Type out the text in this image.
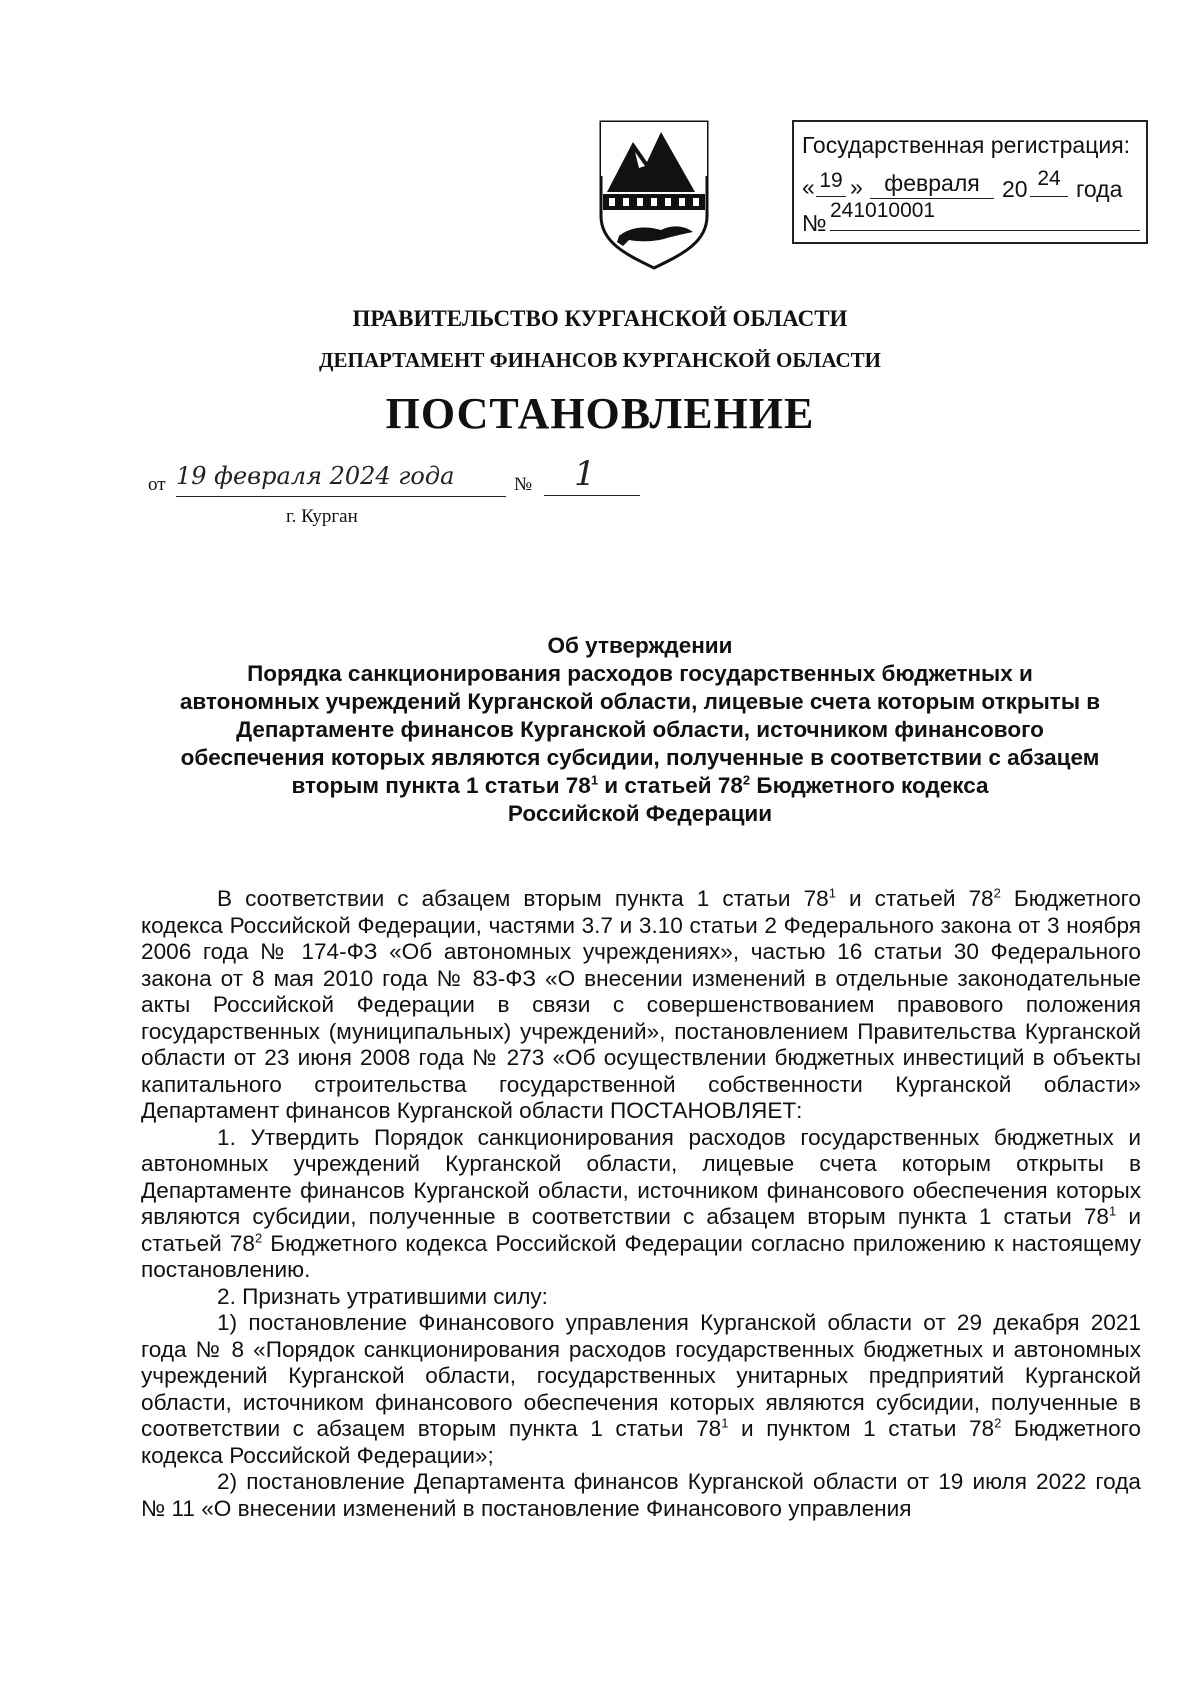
Государственная регистрация:
« 19 » февраля 20 24 года
№ 241010001
ПРАВИТЕЛЬСТВО КУРГАНСКОЙ ОБЛАСТИ
ДЕПАРТАМЕНТ ФИНАНСОВ КУРГАНСКОЙ ОБЛАСТИ
ПОСТАНОВЛЕНИЕ
от 19 февраля 2024 года	№	1
г. Курган
Об утверждении
Порядка санкционирования расходов государственных бюджетных и
автономных учреждений Курганской области, лицевые счета которым открыты в
Департаменте финансов Курганской области, источником финансового
обеспечения которых являются субсидии, полученные в соответствии с абзацем
вторым пункта 1 статьи $78^1$ и статьей $78^2$ Бюджетного кодекса
Российской Федерации

В соответствии с абзацем вторым пункта 1 статьи $78^1$ и статьей $78^2$ Бюджетного кодекса Российской Федерации, частями 3.7 и 3.10 статьи 2 Федерального закона от 3 ноября 2006 года № 174-ФЗ «Об автономных учреждениях», частью 16 статьи 30 Федерального закона от 8 мая 2010 года № 83-ФЗ «О внесении изменений в отдельные законодательные акты Российской Федерации в связи с совершенствованием правового положения государственных (муниципальных) учреждений», постановлением Правительства Курганской области от 23 июня 2008 года № 273 «Об осуществлении бюджетных инвестиций в объекты капитального строительства государственной собственности Курганской области» Департамент финансов Курганской области ПОСТАНОВЛЯЕТ:

1. Утвердить Порядок санкционирования расходов государственных бюджетных и автономных учреждений Курганской области, лицевые счета которым открыты в Департаменте финансов Курганской области, источником финансового обеспечения которых являются субсидии, полученные в соответствии с абзацем вторым пункта 1 статьи $78^1$ и статьей $78^2$ Бюджетного кодекса Российской Федерации согласно приложению к настоящему постановлению.

2. Признать утратившими силу:

1) постановление Финансового управления Курганской области от 29 декабря 2021 года № 8 «Порядок санкционирования расходов государственных бюджетных и автономных учреждений Курганской области, государственных унитарных предприятий Курганской области, источником финансового обеспечения которых являются субсидии, полученные в соответствии с абзацем вторым пункта 1 статьи $78^1$ и пунктом 1 статьи $78^2$ Бюджетного кодекса Российской Федерации»;

2) постановление Департамента финансов Курганской области от 19 июля 2022 года № 11 «О внесении изменений в постановление Финансового управления
